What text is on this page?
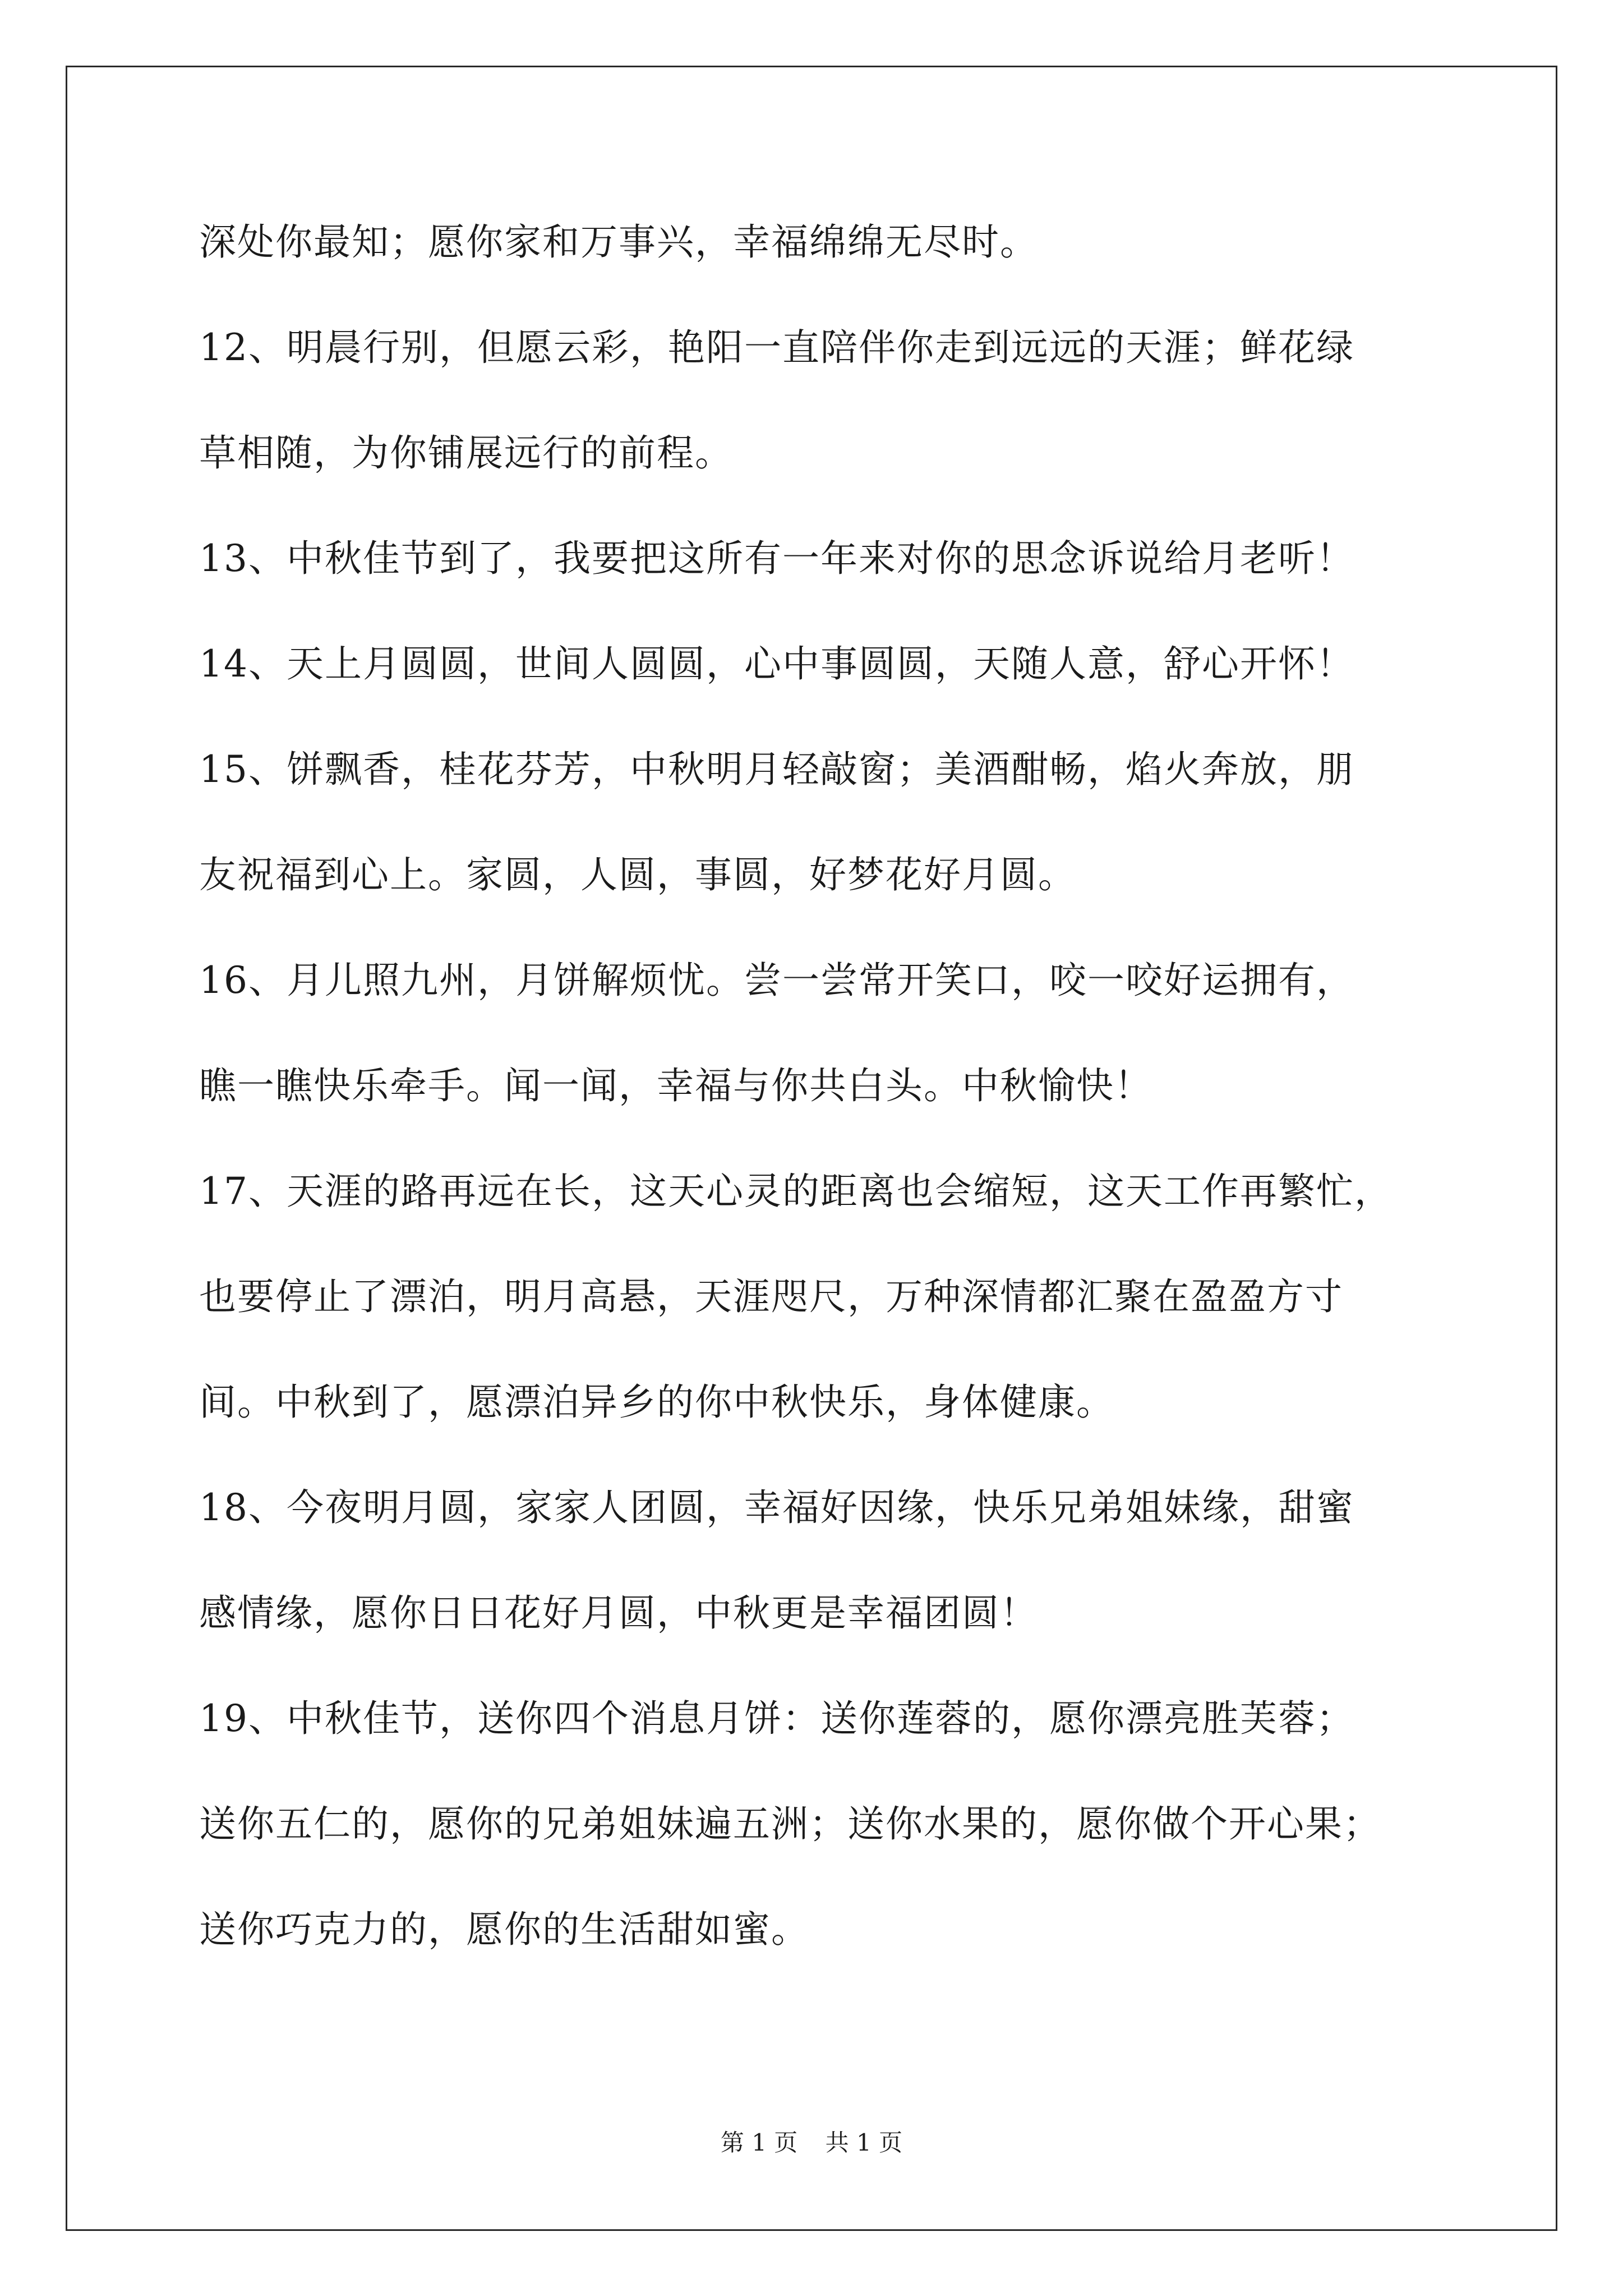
深处你最知；愿你家和万事兴，幸福绵绵无尽时。
12、明晨行别，但愿云彩，艳阳一直陪伴你走到远远的天涯；鲜花绿
草相随，为你铺展远行的前程。
13、中秋佳节到了，我要把这所有一年来对你的思念诉说给月老听！
14、天上月圆圆，世间人圆圆，心中事圆圆，天随人意，舒心开怀！
15、饼飘香，桂花芬芳，中秋明月轻敲窗；美酒酣畅，焰火奔放，朋
友祝福到心上。家圆，人圆，事圆，好梦花好月圆。
16、月儿照九州，月饼解烦忧。尝一尝常开笑口，咬一咬好运拥有，
瞧一瞧快乐牵手。闻一闻，幸福与你共白头。中秋愉快！
17、天涯的路再远在长，这天心灵的距离也会缩短，这天工作再繁忙，
也要停止了漂泊，明月高悬，天涯咫尺，万种深情都汇聚在盈盈方寸
间。中秋到了，愿漂泊异乡的你中秋快乐，身体健康。
18、今夜明月圆，家家人团圆，幸福好因缘，快乐兄弟姐妹缘，甜蜜
感情缘，愿你日日花好月圆，中秋更是幸福团圆！
19、中秋佳节，送你四个消息月饼：送你莲蓉的，愿你漂亮胜芙蓉；
送你五仁的，愿你的兄弟姐妹遍五洲；送你水果的，愿你做个开心果；
送你巧克力的，愿你的生活甜如蜜。
第 1 页 共 1 页
